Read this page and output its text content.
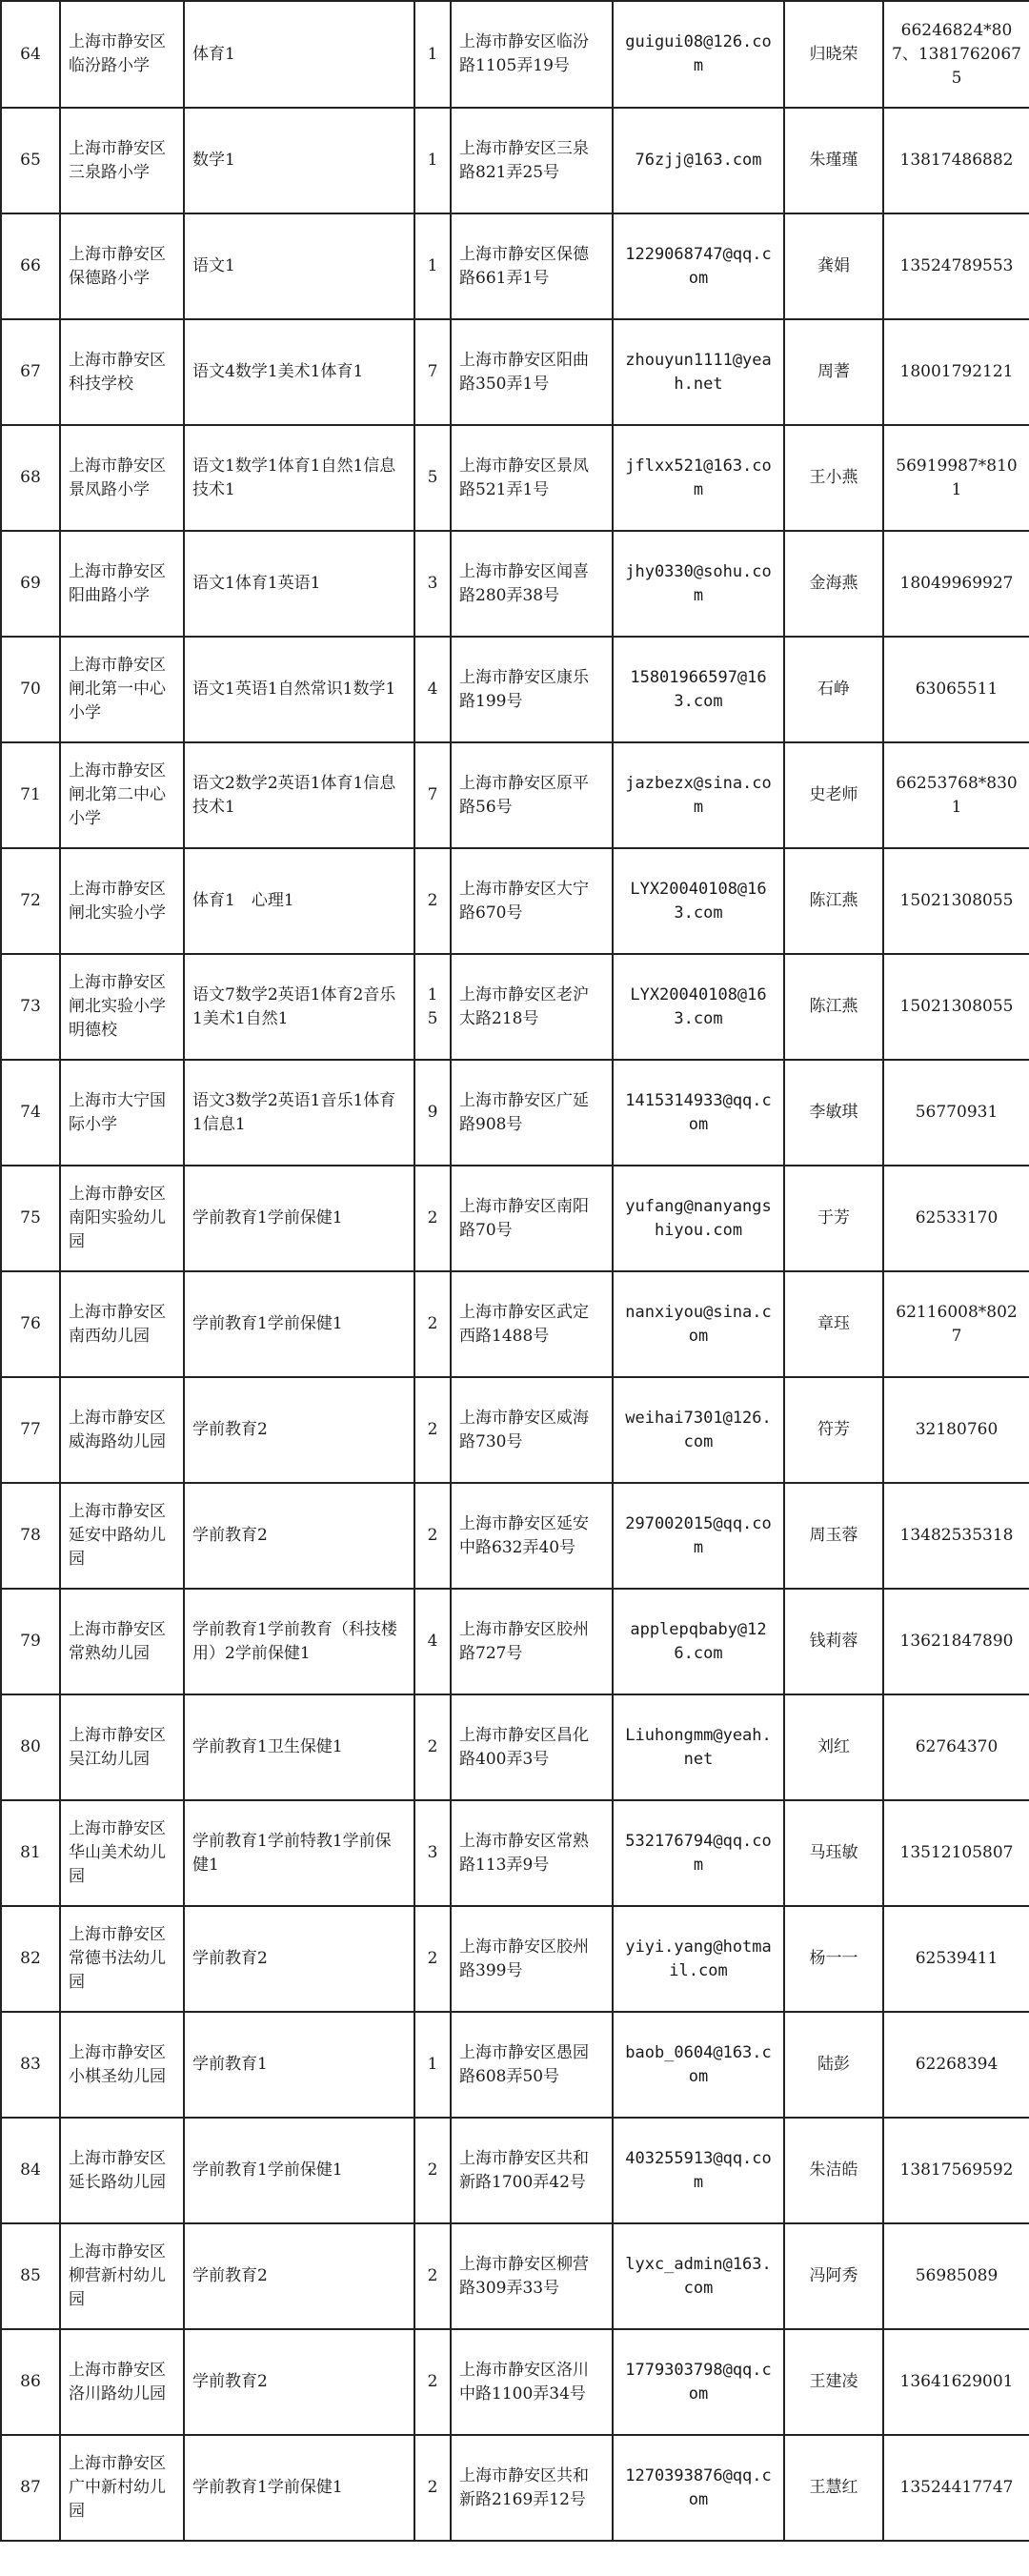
64	上海市静安区临汾路小学	体育1	1	上海市静安区临汾路1105弄19号	guigui08@126.com	归晓荣	66246824*807、13817620675
65	上海市静安区三泉路小学	数学1	1	上海市静安区三泉路821弄25号	76zjj@163.com	朱瑾瑾	13817486882
66	上海市静安区保德路小学	语文1	1	上海市静安区保德路661弄1号	1229068747@qq.com	龚娟	13524789553
67	上海市静安区科技学校	语文4数学1美术1体育1	7	上海市静安区阳曲路350弄1号	zhouyun1111@yeah.net	周蓍	18001792121
68	上海市静安区景凤路小学	语文1数学1体育1自然1信息技术1	5	上海市静安区景凤路521弄1号	jflxx521@163.com	王小燕	56919987*8101
69	上海市静安区阳曲路小学	语文1体育1英语1	3	上海市静安区闻喜路280弄38号	jhy0330@sohu.com	金海燕	18049969927
70	上海市静安区闸北第一中心小学	语文1英语1自然常识1数学1	4	上海市静安区康乐路199号	15801966597@163.com	石峥	63065511
71	上海市静安区闸北第二中心小学	语文2数学2英语1体育1信息技术1	7	上海市静安区原平路56号	jazbezx@sina.com	史老师	66253768*8301
72	上海市静安区闸北实验小学	体育1　心理1	2	上海市静安区大宁路670号	LYX20040108@163.com	陈江燕	15021308055
73	上海市静安区闸北实验小学明德校	语文7数学2英语1体育2音乐1美术1自然1	15	上海市静安区老沪太路218号	LYX20040108@163.com	陈江燕	15021308055
74	上海市大宁国际小学	语文3数学2英语1音乐1体育1信息1	9	上海市静安区广延路908号	1415314933@qq.com	李敏琪	56770931
75	上海市静安区南阳实验幼儿园	学前教育1学前保健1	2	上海市静安区南阳路70号	yufang@nanyangshiyou.com	于芳	62533170
76	上海市静安区南西幼儿园	学前教育1学前保健1	2	上海市静安区武定西路1488号	nanxiyou@sina.com	章珏	62116008*8027
77	上海市静安区威海路幼儿园	学前教育2	2	上海市静安区威海路730号	weihai7301@126.com	符芳	32180760
78	上海市静安区延安中路幼儿园	学前教育2	2	上海市静安区延安中路632弄40号	297002015@qq.com	周玉蓉	13482535318
79	上海市静安区常熟幼儿园	学前教育1学前教育（科技楼用）2学前保健1	4	上海市静安区胶州路727号	applepqbaby@126.com	钱莉蓉	13621847890
80	上海市静安区吴江幼儿园	学前教育1卫生保健1	2	上海市静安区昌化路400弄3号	Liuhongmm@yeah.net	刘红	62764370
81	上海市静安区华山美术幼儿园	学前教育1学前特教1学前保健1	3	上海市静安区常熟路113弄9号	532176794@qq.com	马珏敏	13512105807
82	上海市静安区常德书法幼儿园	学前教育2	2	上海市静安区胶州路399号	yiyi.yang@hotmail.com	杨一一	62539411
83	上海市静安区小棋圣幼儿园	学前教育1	1	上海市静安区愚园路608弄50号	baob_0604@163.com	陆彭	62268394
84	上海市静安区延长路幼儿园	学前教育1学前保健1	2	上海市静安区共和新路1700弄42号	403255913@qq.com	朱洁皓	13817569592
85	上海市静安区柳营新村幼儿园	学前教育2	2	上海市静安区柳营路309弄33号	lyxc_admin@163.com	冯阿秀	56985089
86	上海市静安区洛川路幼儿园	学前教育2	2	上海市静安区洛川中路1100弄34号	1779303798@qq.com	王建凌	13641629001
87	上海市静安区广中新村幼儿园	学前教育1学前保健1	2	上海市静安区共和新路2169弄12号	1270393876@qq.com	王慧红	13524417747
